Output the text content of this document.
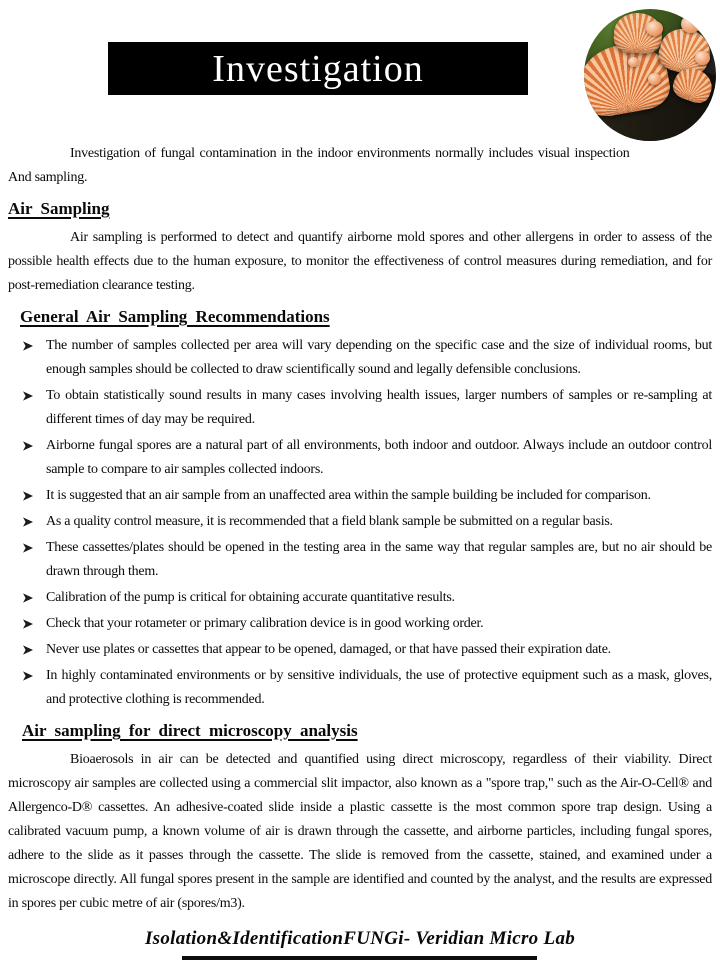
Investigation
Investigation of fungal contamination in the indoor environments normally includes visual inspection
And sampling.
Air Sampling

Air sampling is performed to detect and quantify airborne mold spores and other allergens in order to assess of the possible health effects due to the human exposure, to monitor the effectiveness of control measures during remediation, and for post-remediation clearance testing.

General Air Sampling Recommendations
The number of samples collected per area will vary depending on the specific case and the size of individual rooms, but enough samples should be collected to draw scientifically sound and legally defensible conclusions.
To obtain statistically sound results in many cases involving health issues, larger numbers of samples or re-sampling at different times of day may be required.
Airborne fungal spores are a natural part of all environments, both indoor and outdoor. Always include an outdoor control sample to compare to air samples collected indoors.
It is suggested that an air sample from an unaffected area within the sample building be included for comparison.
As a quality control measure, it is recommended that a field blank sample be submitted on a regular basis.
These cassettes/plates should be opened in the testing area in the same way that regular samples are, but no air should be drawn through them.
Calibration of the pump is critical for obtaining accurate quantitative results.
Check that your rotameter or primary calibration device is in good working order.
Never use plates or cassettes that appear to be opened, damaged, or that have passed their expiration date.
In highly contaminated environments or by sensitive individuals, the use of protective equipment such as a mask, gloves, and protective clothing is recommended.
Air sampling for direct microscopy analysis

Bioaerosols in air can be detected and quantified using direct microscopy, regardless of their viability. Direct microscopy air samples are collected using a commercial slit impactor, also known as a "spore trap," such as the Air-O-Cell® and Allergenco-D® cassettes. An adhesive-coated slide inside a plastic cassette is the most common spore trap design. Using a calibrated vacuum pump, a known volume of air is drawn through the cassette, and airborne particles, including fungal spores, adhere to the slide as it passes through the cassette. The slide is removed from the cassette, stained, and examined under a microscope directly. All fungal spores present in the sample are identified and counted by the analyst, and the results are expressed in spores per cubic metre of air (spores/m3).

Isolation&IdentificationFUNGi- Veridian Micro Lab
